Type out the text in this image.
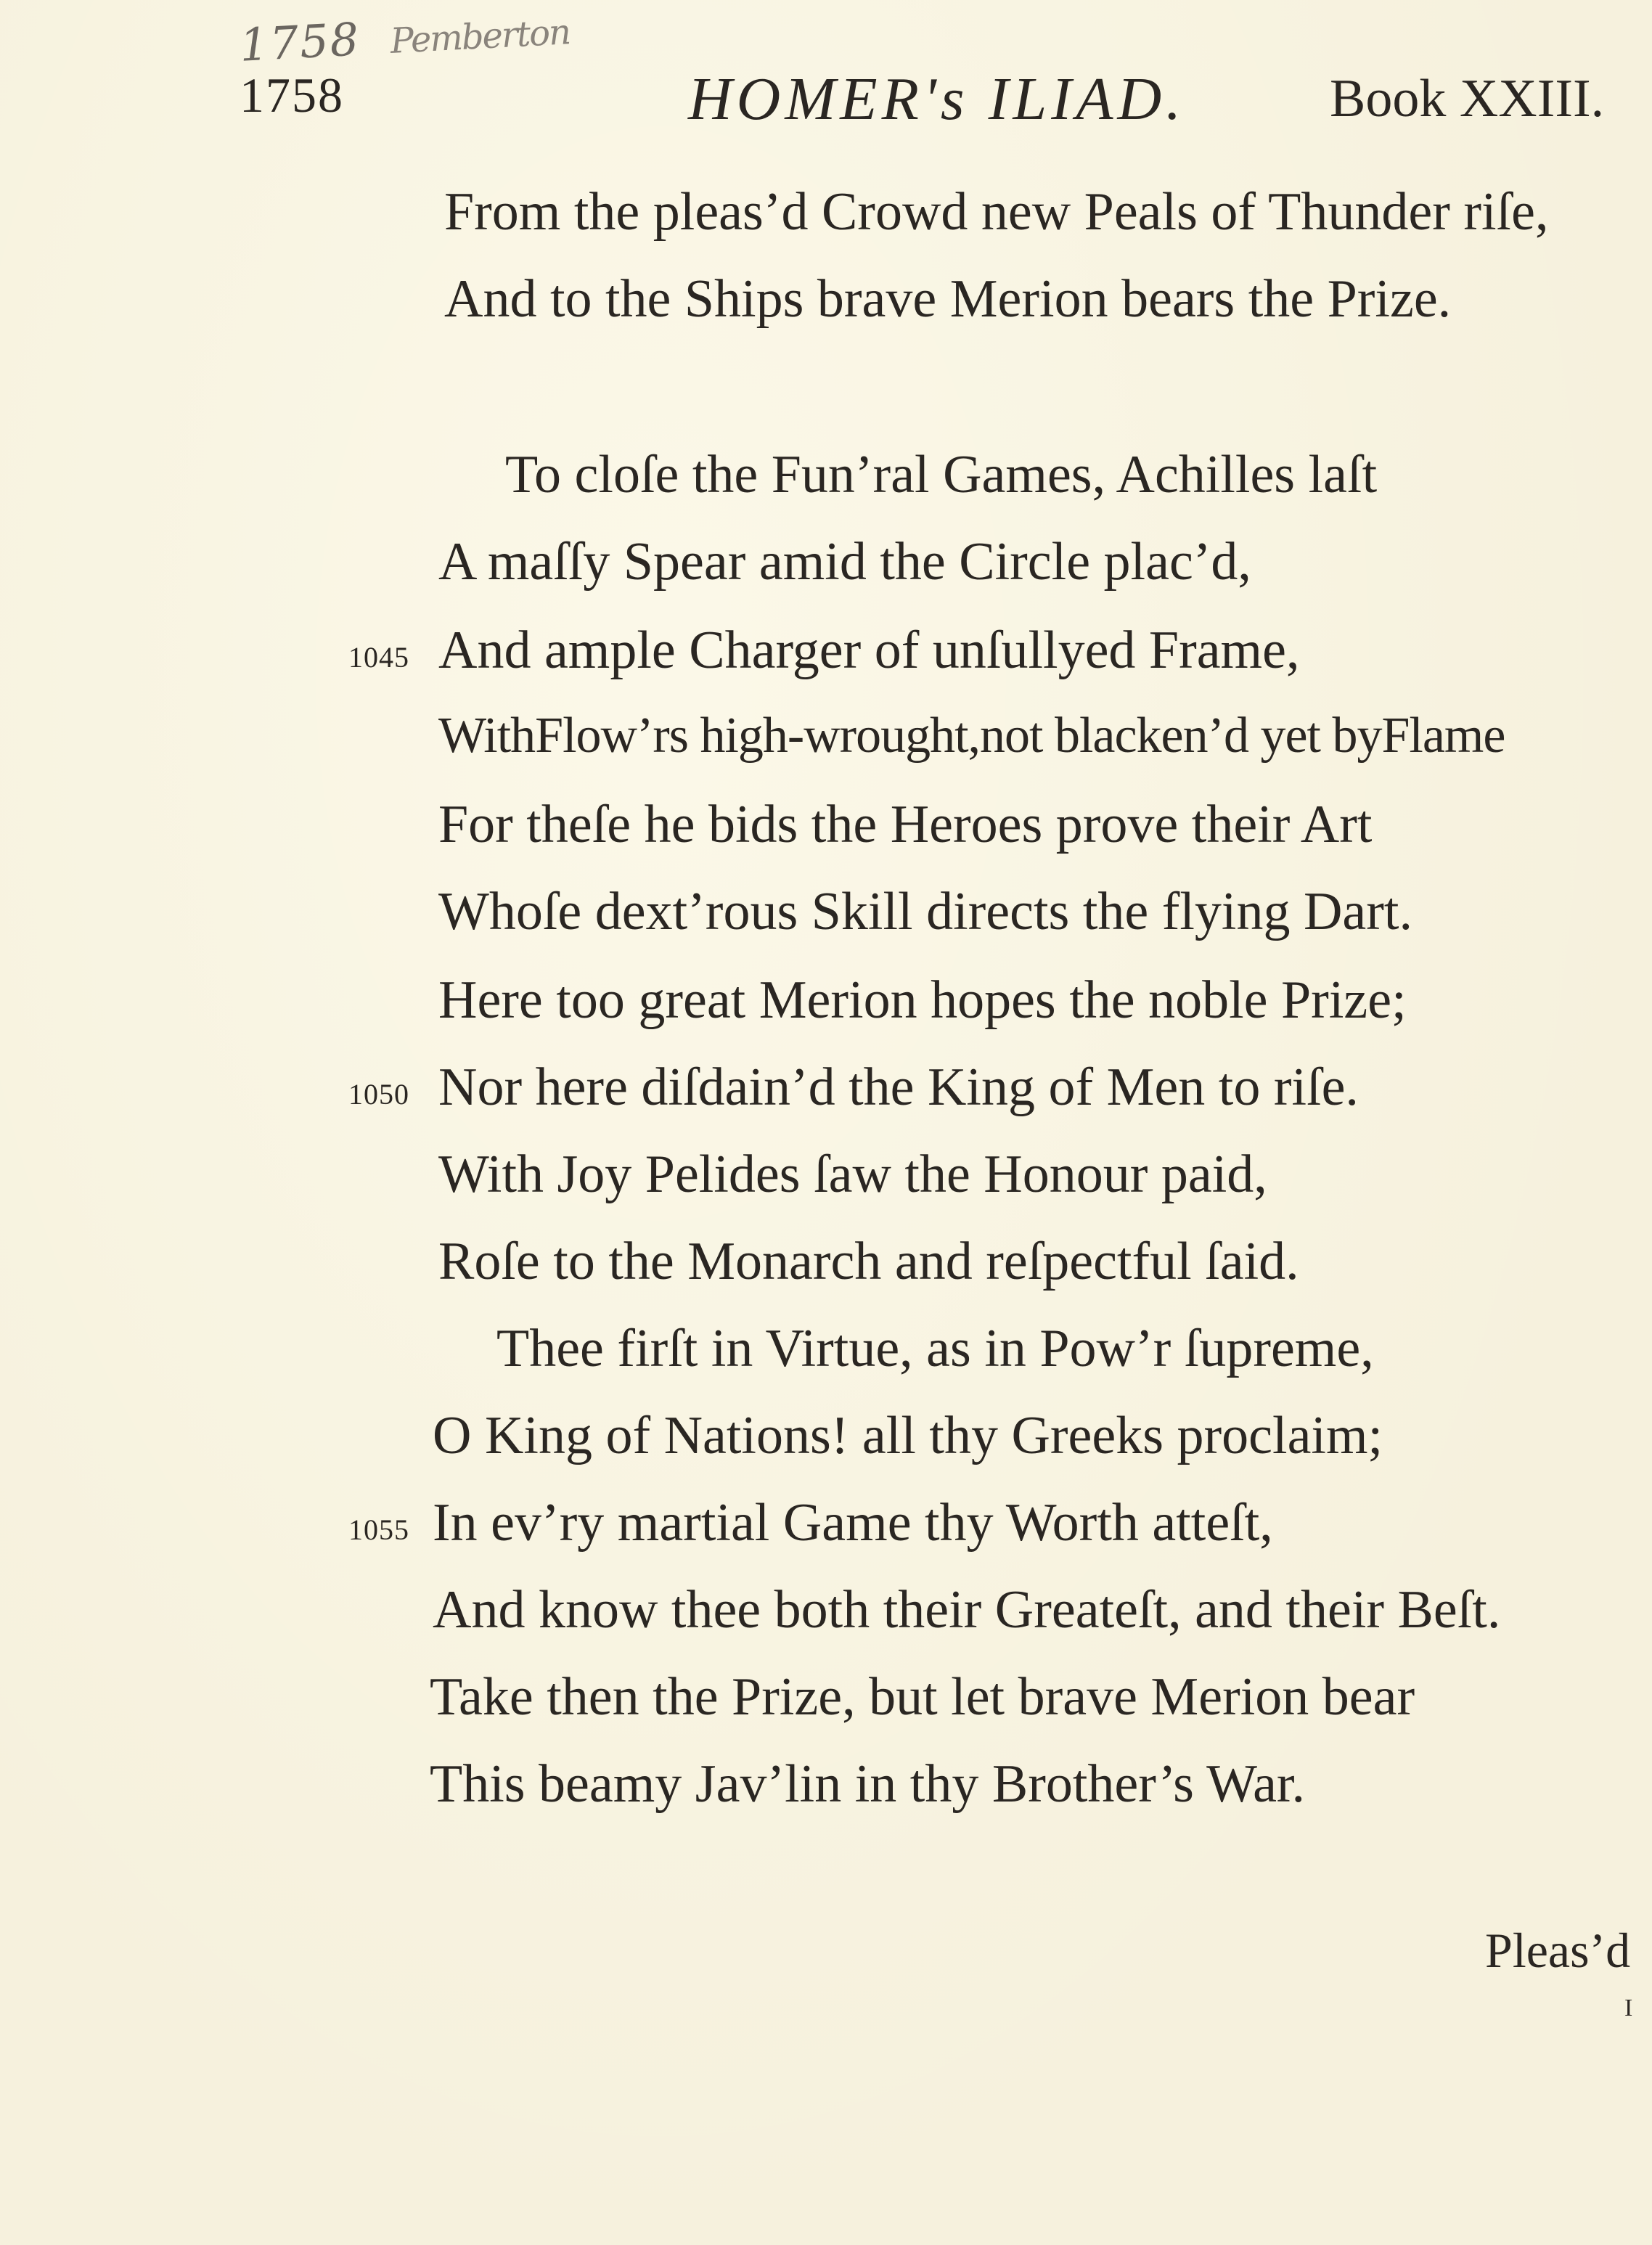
1758 Pemberton
1758	HOMER's ILIAD.	Book XXIII.
From the pleas’d Crowd new Peals of Thunder riſe,
And to the Ships brave Merion bears the Prize.
To cloſe the Fun’ral Games, Achilles laſt
A maſſy Spear amid the Circle plac’d,
1045 And ample Charger of unſullyed Frame,
WithFlow’rs high-wrought,not blacken’d yet byFlame
For theſe he bids the Heroes prove their Art
Whoſe dext’rous Skill directs the flying Dart.
Here too great Merion hopes the noble Prize;
1050 Nor here diſdain’d the King of Men to riſe.
With Joy Pelides ſaw the Honour paid,
Roſe to the Monarch and reſpectful ſaid.
Thee firſt in Virtue, as in Pow’r ſupreme,
O King of Nations! all thy Greeks proclaim;
1055 In ev’ry martial Game thy Worth atteſt,
And know thee both their Greateſt, and their Beſt.
Take then the Prize, but let brave Merion bear
This beamy Jav’lin in thy Brother’s War.
Pleas’d
I
